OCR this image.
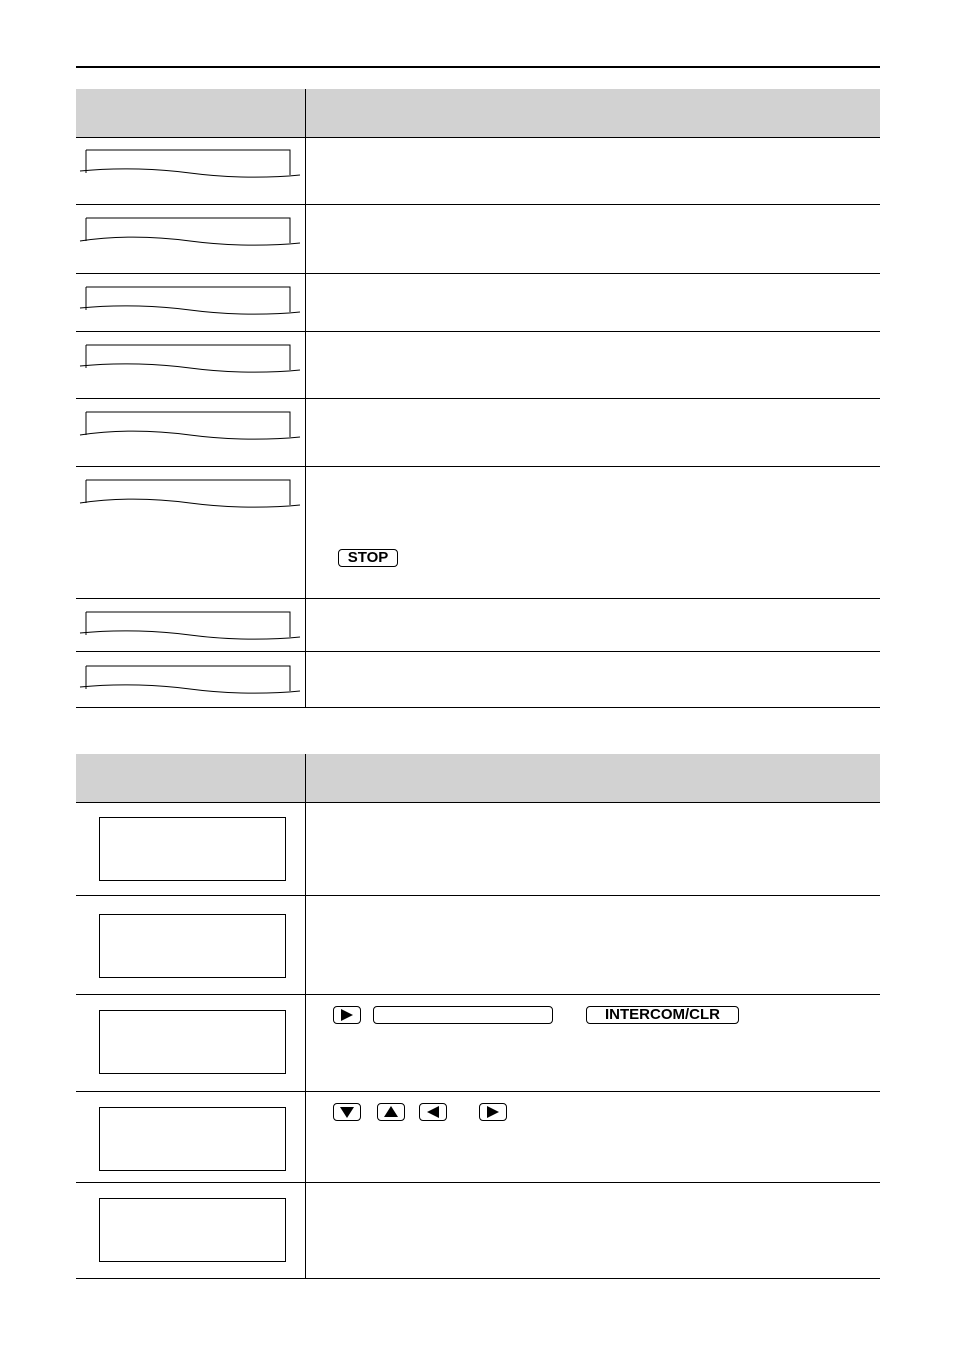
STOP
INTERCOM/CLR
